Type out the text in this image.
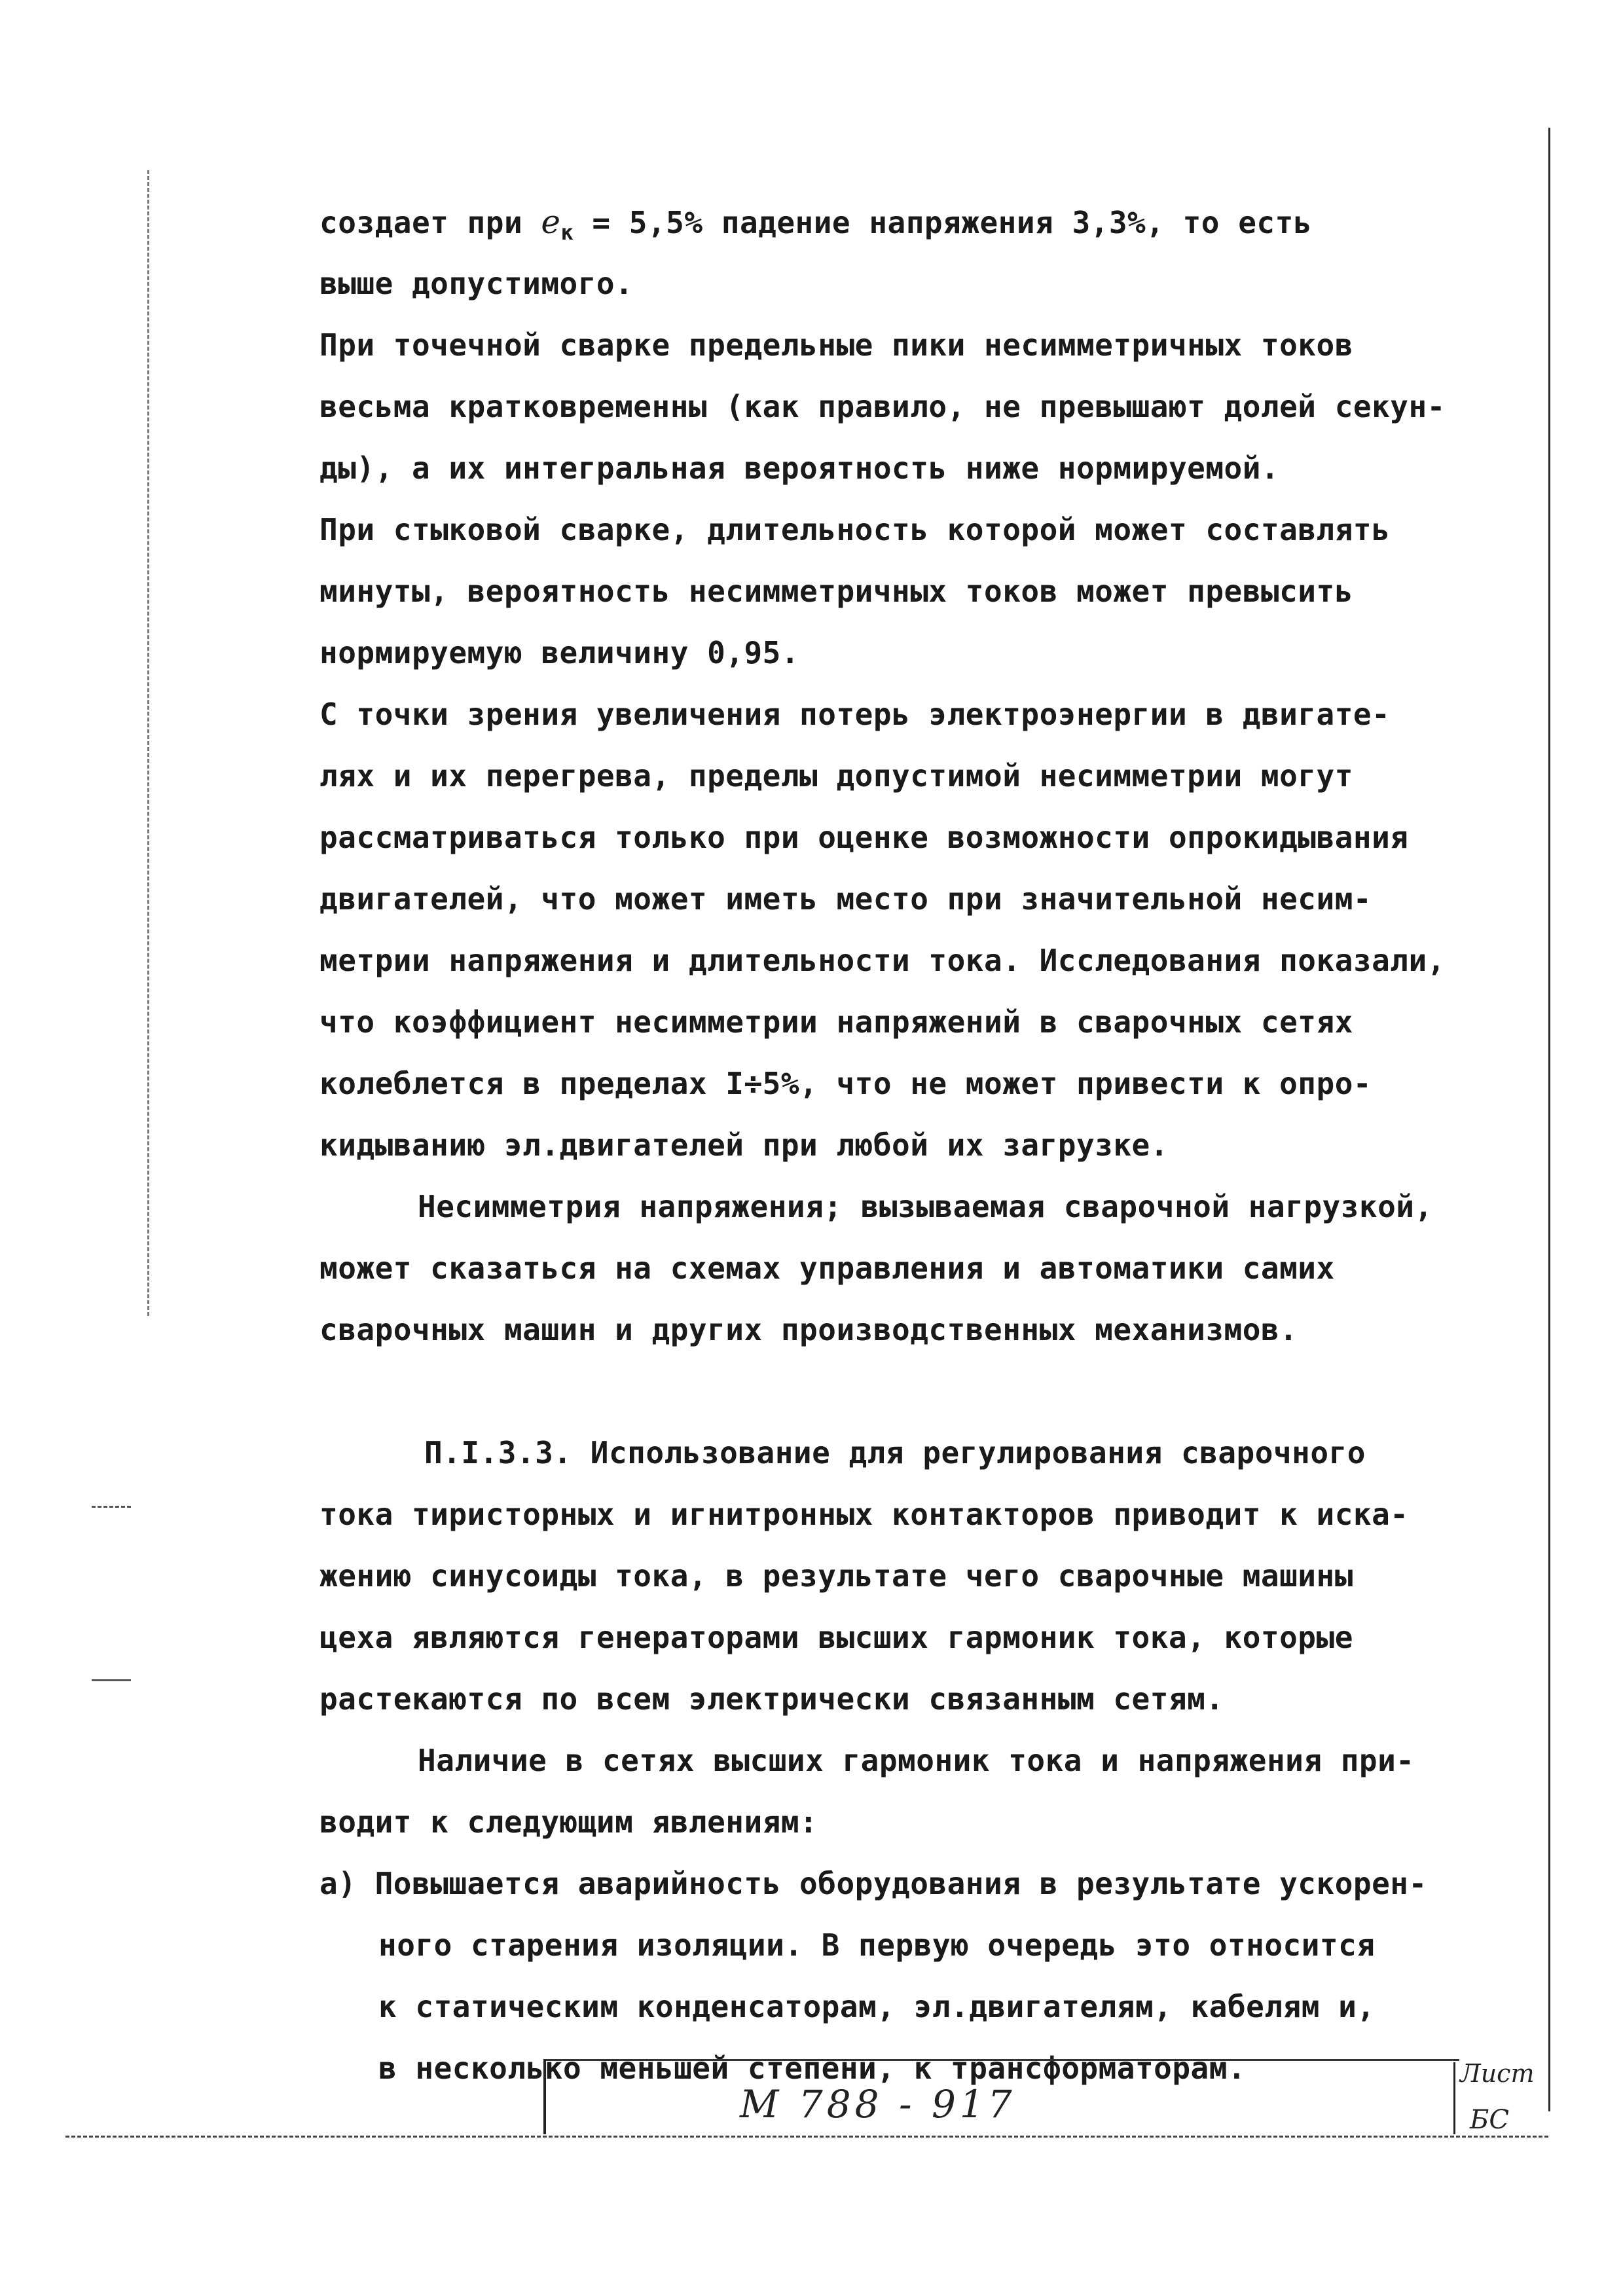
создает при $e_к = 5,5\%$ падение напряжения 3,3%, то есть
выше допустимого.
При точечной сварке предельные пики несимметричных токов
весьма кратковременны (как правило, не превышают долей секун-
ды), а их интегральная вероятность ниже нормируемой.
При стыковой сварке, длительность которой может составлять
минуты, вероятность несимметричных токов может превысить
нормируемую величину 0,95.
С точки зрения увеличения потерь электроэнергии в двигате-
лях и их перегрева, пределы допустимой несимметрии могут
рассматриваться только при оценке возможности опрокидывания
двигателей, что может иметь место при значительной несим-
метрии напряжения и длительности тока. Исследования показали,
что коэффициент несимметрии напряжений в сварочных сетях
колеблется в пределах I÷5%, что не может привести к опро-
кидыванию эл.двигателей при любой их загрузке.
Несимметрия напряжения; вызываемая сварочной нагрузкой,
может сказаться на схемах управления и автоматики самих
сварочных машин и других производственных механизмов.
П.I.3.3. Использование для регулирования сварочного
тока тиристорных и игнитронных контакторов приводит к иска-
жению синусоиды тока, в результате чего сварочные машины
цеха являются генераторами высших гармоник тока, которые
растекаются по всем электрически связанным сетям.
Наличие в сетях высших гармоник тока и напряжения при-
водит к следующим явлениям:
а) Повышается аварийность оборудования в результате ускорен-
ного старения изоляции. В первую очередь это относится
к статическим конденсаторам, эл.двигателям, кабелям и,
в несколько меньшей степени, к трансформаторам.
М 788 - 917
Лист
БС
